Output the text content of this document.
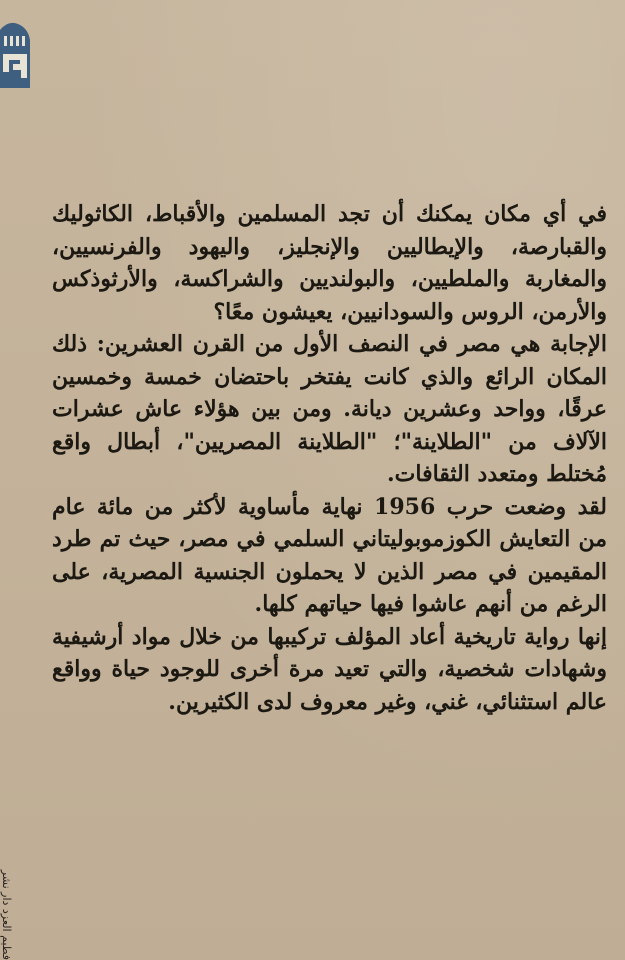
في أي مكان يمكنك أن تجد المسلمين والأقباط، الكاثوليك والقبارصة، والإيطاليين والإنجليز، واليهود والفرنسيين، والمغاربة والملطيين، والبولنديين والشراكسة، والأرثوذكس والأرمن، الروس والسودانيين، يعيشون معًا؟

الإجابة هي مصر في النصف الأول من القرن العشرين: ذلك المكان الرائع والذي كانت يفتخر باحتضان خمسة وخمسين عرقًا، وواحد وعشرين ديانة. ومن بين هؤلاء عاش عشرات الآلاف من "الطلاينة"؛ "الطلاينة المصريين"، أبطال واقع مُختلط ومتعدد الثقافات.

لقد وضعت حرب 1956 نهاية مأساوية لأكثر من مائة عام من التعايش الكوزموبوليتاني السلمي في مصر، حيث تم طرد المقيمين في مصر الذين لا يحملون الجنسية المصرية، على الرغم من أنهم عاشوا فيها حياتهم كلها.

إنها رواية تاريخية أعاد المؤلف تركيبها من خلال مواد أرشيفية وشهادات شخصية، والتي تعيد مرة أخرى للوجود حياة وواقع عالم استثنائي، غني، وغير معروف لدى الكثيرين.

فطيم العزد دار نشر
